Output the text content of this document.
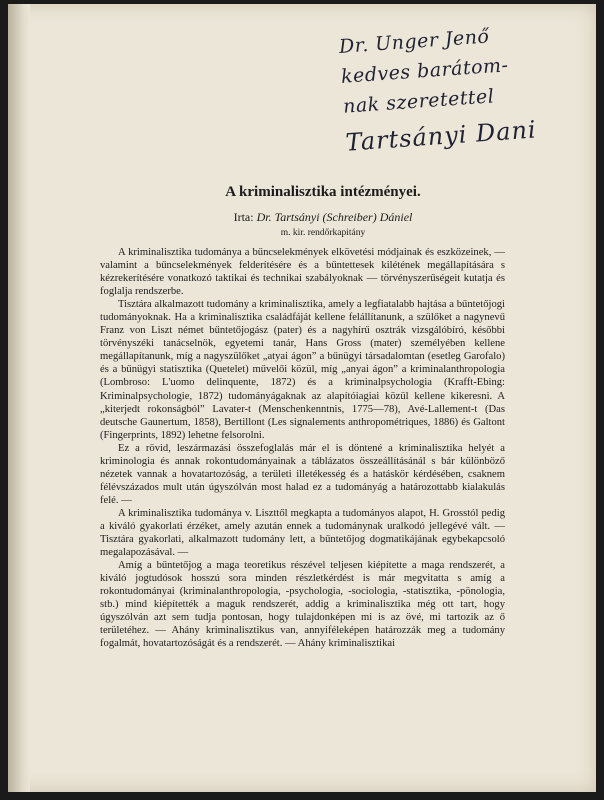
Dr. Unger Jenő
kedves barátom-
nak szeretettel
Tartsányi Dani
A kriminalisztika intézményei.
Irta: Dr. Tartsányi (Schreiber) Dániel
m. kir. rendőrkapitány

A kriminalisztika tudománya a bűncselekmények elkövetési módjainak és eszközeinek, — valamint a bűncselekmények felderítésére és a bűntettesek kilétének megállapítására s kézrekerítésére vonatkozó taktikai és technikai szabályoknak — törvényszerűségeit kutatja és foglalja rendszerbe.

Tisztára alkalmazott tudomány a kriminalisztika, amely a legfiatalabb hajtása a bűntetőjogi tudományoknak. Ha a kriminalisztika családfáját kellene felállítanunk, a szülőket a nagynevű Franz von Liszt német bűntetőjogász (pater) és a nagyhírű osztrák vizsgálóbíró, későbbi törvényszéki tanácselnök, egyetemi tanár, Hans Gross (mater) személyében kellene megállapítanunk, míg a nagyszülőket „atyai ágon” a bűnügyi társadalomtan (esetleg Garofalo) és a bűnügyi statisztika (Quetelet) művelői közül, míg „anyai ágon” a kriminalanthropologia (Lombroso: L'uomo delinquente, 1872) és a kriminalpsychologia (Krafft-Ebing: Kriminalpsychologie, 1872) tudományágaknak az alapítóiagiai közül kellene kikeresni. A „kiterjedt rokonságból” Lavater-t (Menschenkenntnis, 1775—78), Avé-Lallement-t (Das deutsche Gaunertum, 1858), Bertillont (Les signalements anthropométriques, 1886) és Galtont (Fingerprints, 1892) lehetne felsorolni.

Ez a rövid, leszármazási összefoglalás már el is döntené a kriminalisztika helyét a kriminologia és annak rokontudományainak a táblázatos összeállításánál s bár különböző nézetek vannak a hovatartozóság, a területi illetékesség és a hatáskör kérdésében, csaknem félévszázados mult után úgyszólván most halad ez a tudományág a határozottabb kialakulás felé. —

A kriminalisztika tudománya v. Liszttől megkapta a tudományos alapot, H. Grosstól pedig a kiváló gyakorlati érzéket, amely azután ennek a tudománynak uralkodó jellegévé vált. — Tisztára gyakorlati, alkalmazott tudomány lett, a bűntetőjog dogmatikájának egybekapcsoló megalapozásával. —

Amíg a bűntetőjog a maga teoretikus részével teljesen kiépítette a maga rendszerét, a kiváló jogtudósok hosszú sora minden részletkérdést is már megvitatta s amíg a rokontudományai (kriminalanthropologia, -psychologia, -sociologia, -statisztika, -pönologia, stb.) mind kiépítették a maguk rendszerét, addig a kriminalisztika még ott tart, hogy úgyszólván azt sem tudja pontosan, hogy tulajdonképen mi is az övé, mi tartozik az ő területéhez. — Ahány kriminalisztikus van, annyiféleképen határozzák meg a tudomány fogalmát, hovatartozóságát és a rendszerét. — Ahány kriminalisztikai
